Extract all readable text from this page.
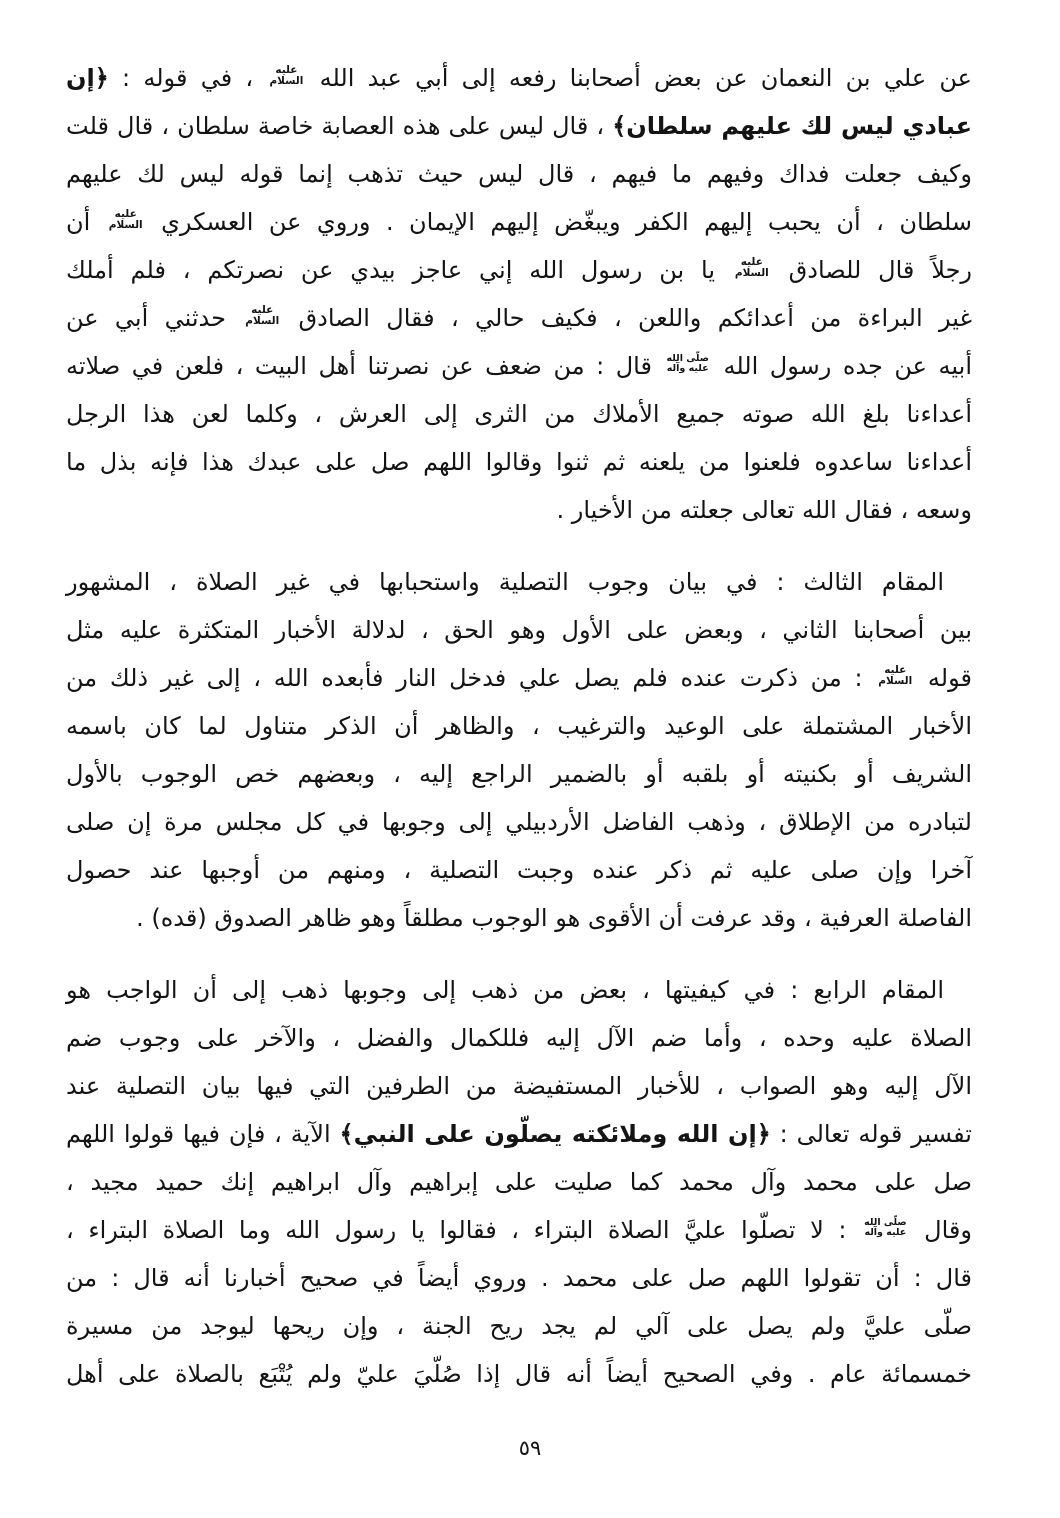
عن علي بن النعمان عن بعض أصحابنا رفعه إلى أبي عبد الله
عليه
السلام
، في قوله : ﴿إن
عبادي ليس لك عليهم سلطان﴾ ، قال ليس على هذه العصابة خاصة سلطان ، قال قلت
وكيف جعلت فداك وفيهم ما فيهم ، قال ليس حيث تذهب إنما قوله ليس لك عليهم
سلطان ، أن يحبب إليهم الكفر ويبغّض إليهم الإيمان . وروي عن العسكري
عليه
السلام
أن
رجلاً قال للصادق
عليه
السلام
يا بن رسول الله إني عاجز بيدي عن نصرتكم ، فلم أملك
غير البراءة من أعدائكم واللعن ، فكيف حالي ، فقال الصادق
عليه
السلام
حدثني أبي عن
أبيه عن جده رسول الله
صلّى الله
عليه وآله
قال : من ضعف عن نصرتنا أهل البيت ، فلعن في صلاته
أعداءنا بلغ الله صوته جميع الأملاك من الثرى إلى العرش ، وكلما لعن هذا الرجل
أعداءنا ساعدوه فلعنوا من يلعنه ثم ثنوا وقالوا اللهم صل على عبدك هذا فإنه بذل ما
وسعه ، فقال الله تعالى جعلته من الأخيار .
المقام الثالث : في بيان وجوب التصلية واستحبابها في غير الصلاة ، المشهور
بين أصحابنا الثاني ، وبعض على الأول وهو الحق ، لدلالة الأخبار المتكثرة عليه مثل
قوله
عليه
السلام
: من ذكرت عنده فلم يصل علي فدخل النار فأبعده الله ، إلى غير ذلك من
الأخبار المشتملة على الوعيد والترغيب ، والظاهر أن الذكر متناول لما كان باسمه
الشريف أو بكنيته أو بلقبه أو بالضمير الراجع إليه ، وبعضهم خص الوجوب بالأول
لتبادره من الإطلاق ، وذهب الفاضل الأردبيلي إلى وجوبها في كل مجلس مرة إن صلى
آخرا وإن صلى عليه ثم ذكر عنده وجبت التصلية ، ومنهم من أوجبها عند حصول
الفاصلة العرفية ، وقد عرفت أن الأقوى هو الوجوب مطلقاً وهو ظاهر الصدوق (قده) .
المقام الرابع : في كيفيتها ، بعض من ذهب إلى وجوبها ذهب إلى أن الواجب هو
الصلاة عليه وحده ، وأما ضم الآل إليه فللكمال والفضل ، والآخر على وجوب ضم
الآل إليه وهو الصواب ، للأخبار المستفيضة من الطرفين التي فيها بيان التصلية عند
تفسير قوله تعالى : ﴿إن الله وملائكته يصلّون على النبي﴾ الآية ، فإن فيها قولوا اللهم
صل على محمد وآل محمد كما صليت على إبراهيم وآل ابراهيم إنك حميد مجيد ،
وقال
صلّى الله
عليه وآله
: لا تصلّوا عليَّ الصلاة البتراء ، فقالوا يا رسول الله وما الصلاة البتراء ،
قال : أن تقولوا اللهم صل على محمد . وروي أيضاً في صحيح أخبارنا أنه قال : من
صلّى عليَّ ولم يصل على آلي لم يجد ريح الجنة ، وإن ريحها ليوجد من مسيرة
خمسمائة عام . وفي الصحيح أيضاً أنه قال إذا صُلّيَ عليّ ولم يُتْبَع بالصلاة على أهل
٥٩
